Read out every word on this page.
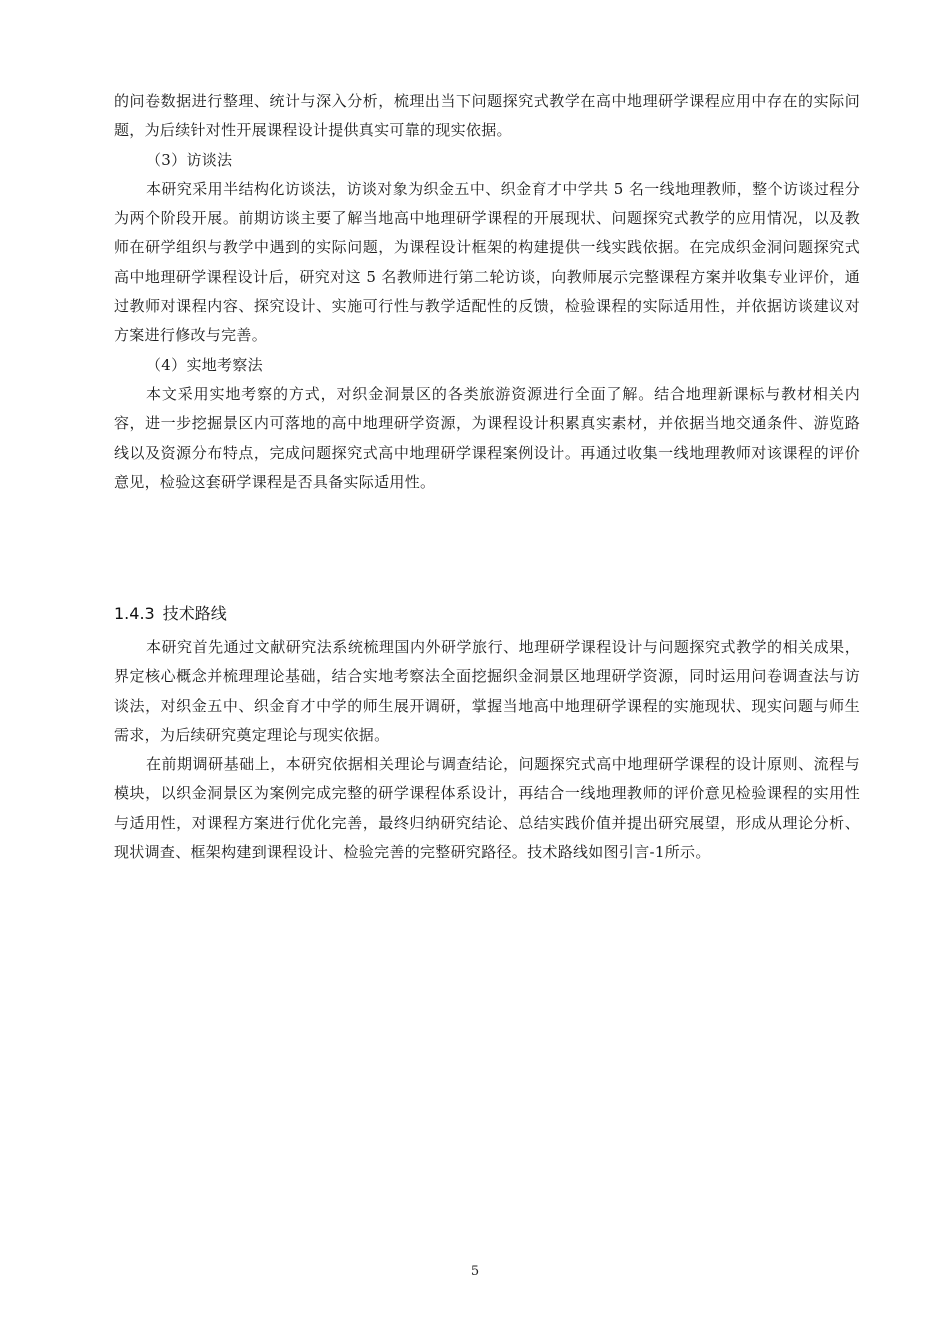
的问卷数据进行整理、统计与深入分析，梳理出当下问题探究式教学在高中地理研学课程应用中存在的实际问题，为后续针对性开展课程设计提供真实可靠的现实依据。

（3）访谈法

本研究采用半结构化访谈法，访谈对象为织金五中、织金育才中学共 5 名一线地理教师，整个访谈过程分为两个阶段开展。前期访谈主要了解当地高中地理研学课程的开展现状、问题探究式教学的应用情况，以及教师在研学组织与教学中遇到的实际问题，为课程设计框架的构建提供一线实践依据。在完成织金洞问题探究式高中地理研学课程设计后，研究对这 5 名教师进行第二轮访谈，向教师展示完整课程方案并收集专业评价，通过教师对课程内容、探究设计、实施可行性与教学适配性的反馈，检验课程的实际适用性，并依据访谈建议对方案进行修改与完善。

（4）实地考察法

本文采用实地考察的方式，对织金洞景区的各类旅游资源进行全面了解。结合地理新课标与教材相关内容，进一步挖掘景区内可落地的高中地理研学资源，为课程设计积累真实素材，并依据当地交通条件、游览路线以及资源分布特点，完成问题探究式高中地理研学课程案例设计。再通过收集一线地理教师对该课程的评价意见，检验这套研学课程是否具备实际适用性。

1.4.3 技术路线

本研究首先通过文献研究法系统梳理国内外研学旅行、地理研学课程设计与问题探究式教学的相关成果，界定核心概念并梳理理论基础，结合实地考察法全面挖掘织金洞景区地理研学资源，同时运用问卷调查法与访谈法，对织金五中、织金育才中学的师生展开调研，掌握当地高中地理研学课程的实施现状、现实问题与师生需求，为后续研究奠定理论与现实依据。

在前期调研基础上，本研究依据相关理论与调查结论，问题探究式高中地理研学课程的设计原则、流程与模块，以织金洞景区为案例完成完整的研学课程体系设计，再结合一线地理教师的评价意见检验课程的实用性与适用性，对课程方案进行优化完善，最终归纳研究结论、总结实践价值并提出研究展望，形成从理论分析、现状调查、框架构建到课程设计、检验完善的完整研究路径。技术路线如图引言-1所示。

5
